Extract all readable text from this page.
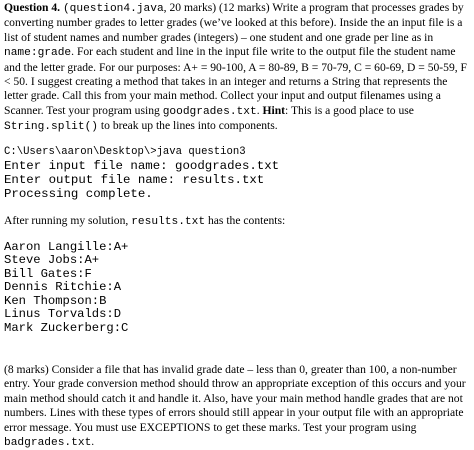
Question 4. (question4.java, 20 marks) (12 marks) Write a program that processes grades by converting number grades to letter grades (we’ve looked at this before). Inside the an input file is a list of student names and number grades (integers) – one student and one grade per line as in name:grade. For each student and line in the input file write to the output file the student name and the letter grade. For our purposes: A+ = 90-100, A = 80-89, B = 70-79, C = 60-69, D = 50-59, F < 50. I suggest creating a method that takes in an integer and returns a String that represents the letter grade. Call this from your main method. Collect your input and output filenames using a Scanner. Test your program using goodgrades.txt. Hint: This is a good place to use String.split() to break up the lines into components.

C:\Users\aaron\Desktop\>java question3

Enter input file name: goodgrades.txt

Enter output file name: results.txt

Processing complete.

After running my solution, results.txt has the contents:

Aaron Langille:A+

Steve Jobs:A+

Bill Gates:F

Dennis Ritchie:A

Ken Thompson:B

Linus Torvalds:D

Mark Zuckerberg:C

(8 marks) Consider a file that has invalid grade date – less than 0, greater than 100, a non-number entry. Your grade conversion method should throw an appropriate exception of this occurs and your main method should catch it and handle it. Also, have your main method handle grades that are not numbers. Lines with these types of errors should still appear in your output file with an appropriate error message. You must use EXCEPTIONS to get these marks. Test your program using badgrades.txt.
